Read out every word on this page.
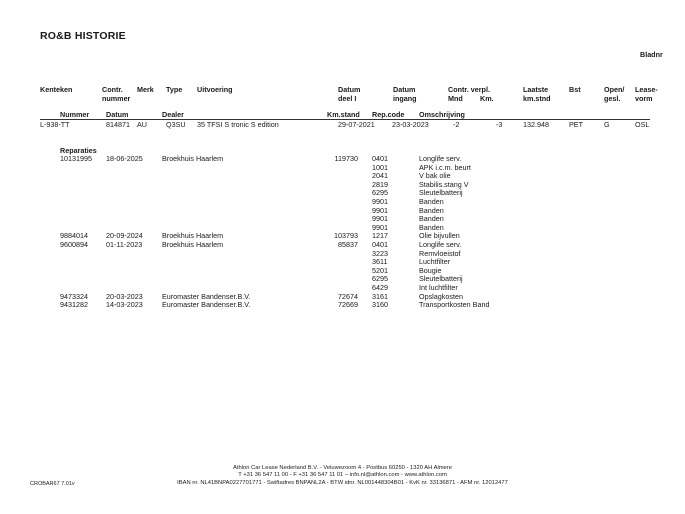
RO&B HISTORIE
Bladnr
Kenteken	Contr.
nummer
Merk Type Uitvoering	Datum
deel I
Datum
ingang
Contr. verpl.
Mnd Km.
Laatste
km.stnd
Bst	Open/
gesl.
Lease-
vorm
Nummer Datum	Dealer	Km.stand Rep.code Omschrijving
L-938-TT	814871 AU	Q3SU 35 TFSI S tronic S edition	29-07-2021 23-03-2023	-2	-3	132.948	PET	G	OSL
Reparaties
10131995 18-06-2025	Broekhuis Haarlem	119730 0401	Longlife serv.
1001	APK i.c.m. beurt
2041	V bak olie
2819	Stabilis.stang V
6295	Sleutelbatterij
9901	Banden
9901	Banden
9901	Banden
9901	Banden
9884014	20-09-2024	Broekhuis Haarlem	103793 1217	Olie bijvullen
9600894	01-11-2023	Broekhuis Haarlem	85837 0401	Longlife serv.
3223	Remvloeistof
3611	Luchtfilter
5201	Bougie
6295	Sleutelbatterij
6429	Int luchtfilter
9473324	20-03-2023	Euromaster Bandenser.B.V.	72674 3161	Opslagkosten
9431282	14-03-2023	Euromaster Bandenser.B.V.	72669 3160	Transportkosten Band
Athlon Car Lease Nederland B.V. - Veluwezoom 4 - Postbus 60250 - 1320 AH Almere
T +31 36 547 11 00 - F +31 36 547 11 01 – info.nl@athlon.com - www.athlon.com
IBAN nr. NL41BNPA0227701771 - Swiftadres BNPANL2A - BTW idnr. NL001448304B01 - KvK nr. 33136871 - AFM nr. 12012477
CROBAR67 7.01v
